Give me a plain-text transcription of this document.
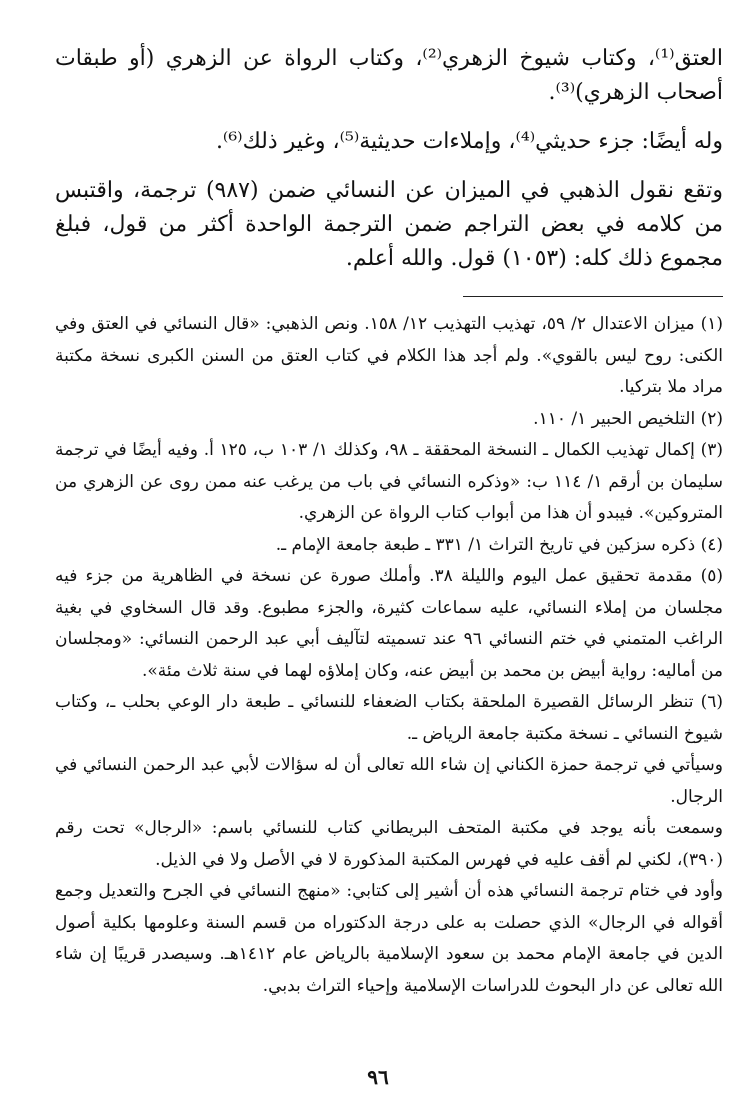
العتق⁽¹⁾، وكتاب شيوخ الزهري⁽²⁾، وكتاب الرواة عن الزهري (أو طبقات أصحاب الزهري)⁽³⁾.

وله أيضًا: جزء حديثي⁽⁴⁾، وإملاءات حديثية⁽⁵⁾، وغير ذلك⁽⁶⁾.

وتقع نقول الذهبي في الميزان عن النسائي ضمن (٩٨٧) ترجمة، واقتبس من كلامه في بعض التراجم ضمن الترجمة الواحدة أكثر من قول، فبلغ مجموع ذلك كله: (١٠٥٣) قول. والله أعلم.

(١) ميزان الاعتدال ٢/ ٥٩، تهذيب التهذيب ١٢/ ١٥٨. ونص الذهبي: «قال النسائي في العتق وفي الكنى: روح ليس بالقوي». ولم أجد هذا الكلام في كتاب العتق من السنن الكبرى نسخة مكتبة مراد ملا بتركيا.

(٢) التلخيص الحبير ١/ ١١٠.

(٣) إكمال تهذيب الكمال ـ النسخة المحققة ـ ٩٨، وكذلك ١/ ١٠٣ ب، ١٢٥ أ. وفيه أيضًا في ترجمة سليمان بن أرقم ١/ ١١٤ ب: «وذكره النسائي في باب من يرغب عنه ممن روى عن الزهري من المتروكين». فيبدو أن هذا من أبواب كتاب الرواة عن الزهري.

(٤) ذكره سزكين في تاريخ التراث ١/ ٣٣١ ـ طبعة جامعة الإمام ـ.

(٥) مقدمة تحقيق عمل اليوم والليلة ٣٨. وأملك صورة عن نسخة في الظاهرية من جزء فيه مجلسان من إملاء النسائي، عليه سماعات كثيرة، والجزء مطبوع. وقد قال السخاوي في بغية الراغب المتمني في ختم النسائي ٩٦ عند تسميته لتآليف أبي عبد الرحمن النسائي: «ومجلسان من أماليه: رواية أبيض بن محمد بن أبيض عنه، وكان إملاؤه لهما في سنة ثلاث مئة».

(٦) تنظر الرسائل القصيرة الملحقة بكتاب الضعفاء للنسائي ـ طبعة دار الوعي بحلب ـ، وكتاب شيوخ النسائي ـ نسخة مكتبة جامعة الرياض ـ.

وسيأتي في ترجمة حمزة الكناني إن شاء الله تعالى أن له سؤالات لأبي عبد الرحمن النسائي في الرجال.

وسمعت بأنه يوجد في مكتبة المتحف البريطاني كتاب للنسائي باسم: «الرجال» تحت رقم (٣٩٠)، لكني لم أقف عليه في فهرس المكتبة المذكورة لا في الأصل ولا في الذيل.

وأود في ختام ترجمة النسائي هذه أن أشير إلى كتابي: «منهج النسائي في الجرح والتعديل وجمع أقواله في الرجال» الذي حصلت به على درجة الدكتوراه من قسم السنة وعلومها بكلية أصول الدين في جامعة الإمام محمد بن سعود الإسلامية بالرياض عام ١٤١٢هـ. وسيصدر قريبًا إن شاء الله تعالى عن دار البحوث للدراسات الإسلامية وإحياء التراث بدبي.

٩٦
